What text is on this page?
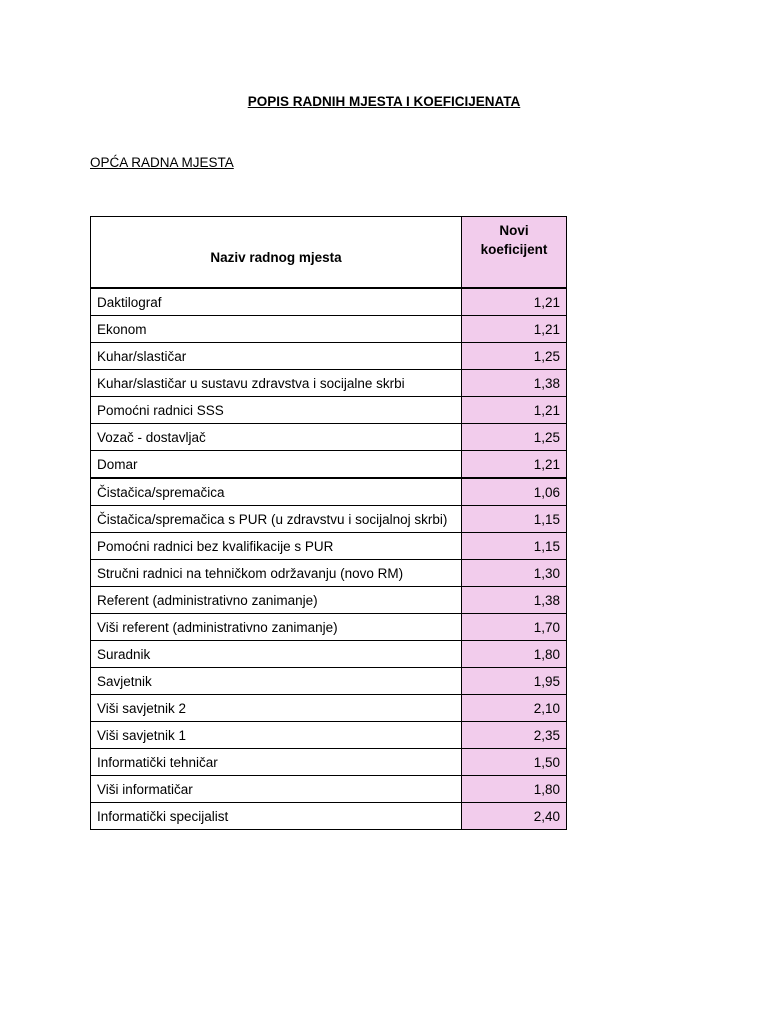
POPIS RADNIH MJESTA I KOEFICIJENATA
OPĆA RADNA MJESTA
Naziv radnog mjesta	Novi
koeficijent
Daktilograf	1,21
Ekonom	1,21
Kuhar/slastičar	1,25
Kuhar/slastičar u sustavu zdravstva i socijalne skrbi	1,38
Pomoćni radnici SSS	1,21
Vozač - dostavljač	1,25
Domar	1,21
Čistačica/spremačica	1,06
Čistačica/spremačica s PUR (u zdravstvu i socijalnoj skrbi)	1,15
Pomoćni radnici bez kvalifikacije s PUR	1,15
Stručni radnici na tehničkom održavanju (novo RM)	1,30
Referent (administrativno zanimanje)	1,38
Viši referent (administrativno zanimanje)	1,70
Suradnik	1,80
Savjetnik	1,95
Viši savjetnik 2	2,10
Viši savjetnik 1	2,35
Informatički tehničar	1,50
Viši informatičar	1,80
Informatički specijalist	2,40
